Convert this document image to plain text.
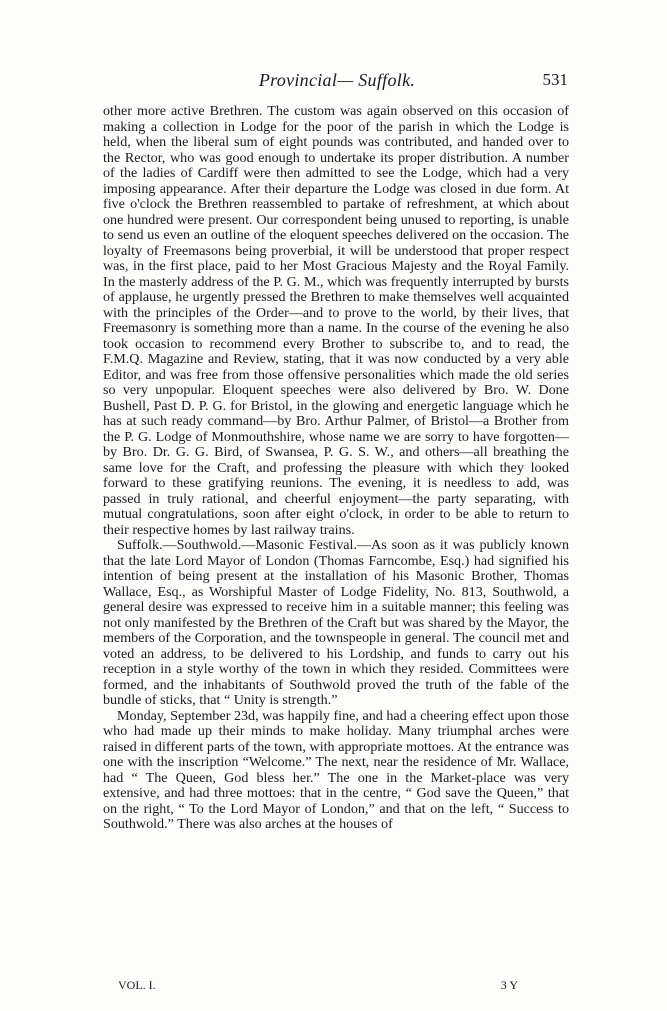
Provincial— Suffolk.	531

other more active Brethren. The custom was again observed on this occasion of making a collection in Lodge for the poor of the parish in which the Lodge is held, when the liberal sum of eight pounds was contributed, and handed over to the Rector, who was good enough to undertake its proper distribution. A number of the ladies of Cardiff were then admitted to see the Lodge, which had a very imposing appearance. After their departure the Lodge was closed in due form. At five o'clock the Brethren reassembled to partake of refreshment, at which about one hundred were present. Our correspondent being unused to reporting, is unable to send us even an outline of the eloquent speeches delivered on the occasion. The loyalty of Freemasons being proverbial, it will be understood that proper respect was, in the first place, paid to her Most Gracious Majesty and the Royal Family. In the masterly address of the P. G. M., which was frequently interrupted by bursts of applause, he urgently pressed the Brethren to make themselves well acquainted with the principles of the Order—and to prove to the world, by their lives, that Freemasonry is something more than a name. In the course of the evening he also took occasion to recommend every Brother to subscribe to, and to read, the F.M.Q. Magazine and Review, stating, that it was now conducted by a very able Editor, and was free from those offensive personalities which made the old series so very unpopular. Eloquent speeches were also delivered by Bro. W. Done Bushell, Past D. P. G. for Bristol, in the glowing and energetic language which he has at such ready command—by Bro. Arthur Palmer, of Bristol—a Brother from the P. G. Lodge of Monmouthshire, whose name we are sorry to have forgotten—by Bro. Dr. G. G. Bird, of Swansea, P. G. S. W., and others—all breathing the same love for the Craft, and professing the pleasure with which they looked forward to these gratifying reunions. The evening, it is needless to add, was passed in truly rational, and cheerful enjoyment—the party separating, with mutual congratulations, soon after eight o'clock, in order to be able to return to their respective homes by last railway trains.

Suffolk.—Southwold.—Masonic Festival.—As soon as it was publicly known that the late Lord Mayor of London (Thomas Farncombe, Esq.) had signified his intention of being present at the installation of his Masonic Brother, Thomas Wallace, Esq., as Worshipful Master of Lodge Fidelity, No. 813, Southwold, a general desire was expressed to receive him in a suitable manner; this feeling was not only manifested by the Brethren of the Craft but was shared by the Mayor, the members of the Corporation, and the townspeople in general. The council met and voted an address, to be delivered to his Lordship, and funds to carry out his reception in a style worthy of the town in which they resided. Committees were formed, and the inhabitants of Southwold proved the truth of the fable of the bundle of sticks, that “ Unity is strength.”

Monday, September 23d, was happily fine, and had a cheering effect upon those who had made up their minds to make holiday. Many triumphal arches were raised in different parts of the town, with appropriate mottoes. At the entrance was one with the inscription “Welcome.” The next, near the residence of Mr. Wallace, had “ The Queen, God bless her.” The one in the Market-place was very extensive, and had three mottoes: that in the centre, “ God save the Queen,” that on the right, “ To the Lord Mayor of London,” and that on the left, “ Success to Southwold.” There was also arches at the houses of

VOL. I.	3 Y
